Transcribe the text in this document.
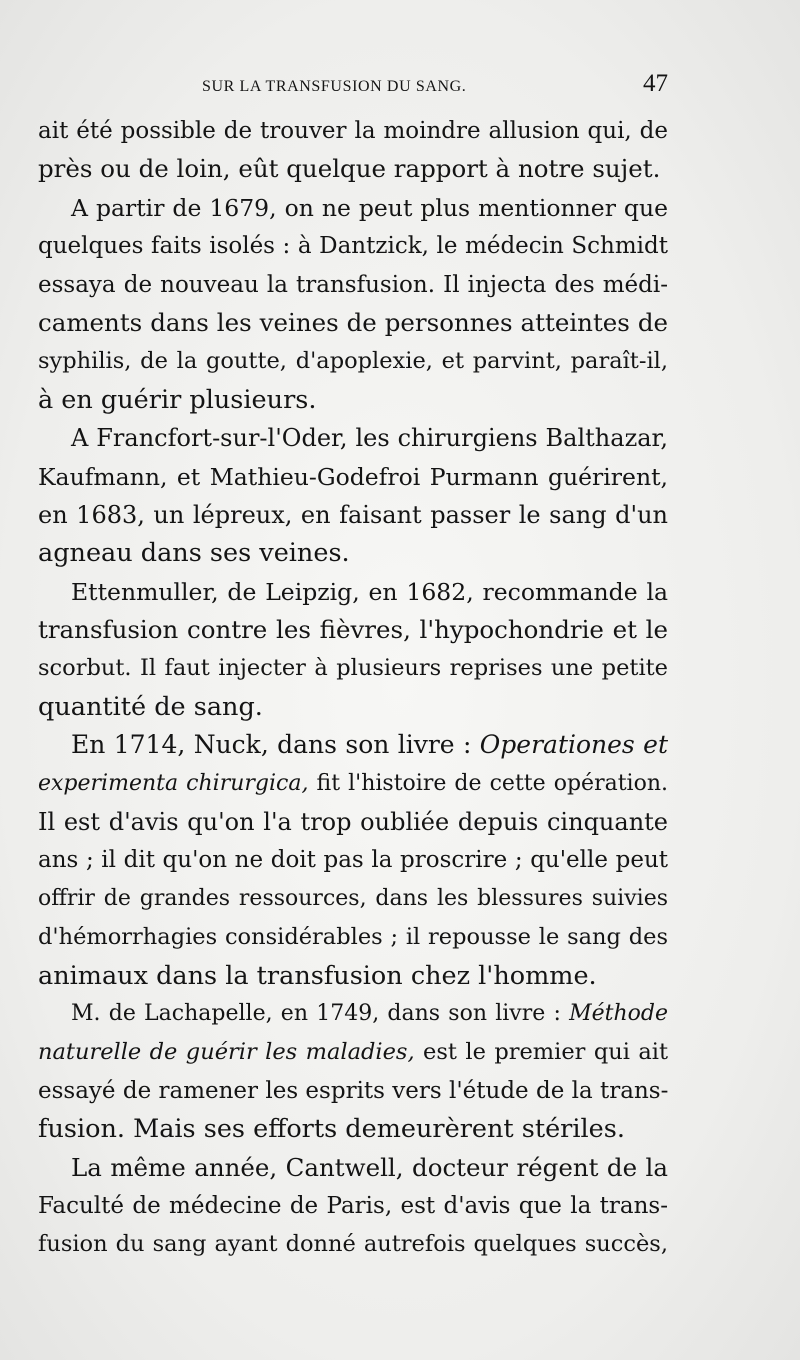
SUR LA TRANSFUSION DU SANG.	47
ait été possible de trouver la moindre allusion qui, de
près ou de loin, eût quelque rapport à notre sujet.
A partir de 1679, on ne peut plus mentionner que
quelques faits isolés : à Dantzick, le médecin Schmidt
essaya de nouveau la transfusion. Il injecta des médi-
caments dans les veines de personnes atteintes de
syphilis, de la goutte, d'apoplexie, et parvint, paraît-il,
à en guérir plusieurs.
A Francfort-sur-l'Oder, les chirurgiens Balthazar,
Kaufmann, et Mathieu-Godefroi Purmann guérirent,
en 1683, un lépreux, en faisant passer le sang d'un
agneau dans ses veines.
Ettenmuller, de Leipzig, en 1682, recommande la
transfusion contre les fièvres, l'hypochondrie et le
scorbut. Il faut injecter à plusieurs reprises une petite
quantité de sang.
En 1714, Nuck, dans son livre : Operationes et
experimenta chirurgica, fit l'histoire de cette opération.
Il est d'avis qu'on l'a trop oubliée depuis cinquante
ans ; il dit qu'on ne doit pas la proscrire ; qu'elle peut
offrir de grandes ressources, dans les blessures suivies
d'hémorrhagies considérables ; il repousse le sang des
animaux dans la transfusion chez l'homme.
M. de Lachapelle, en 1749, dans son livre : Méthode
naturelle de guérir les maladies, est le premier qui ait
essayé de ramener les esprits vers l'étude de la trans-
fusion. Mais ses efforts demeurèrent stériles.
La même année, Cantwell, docteur régent de la
Faculté de médecine de Paris, est d'avis que la trans-
fusion du sang ayant donné autrefois quelques succès,
